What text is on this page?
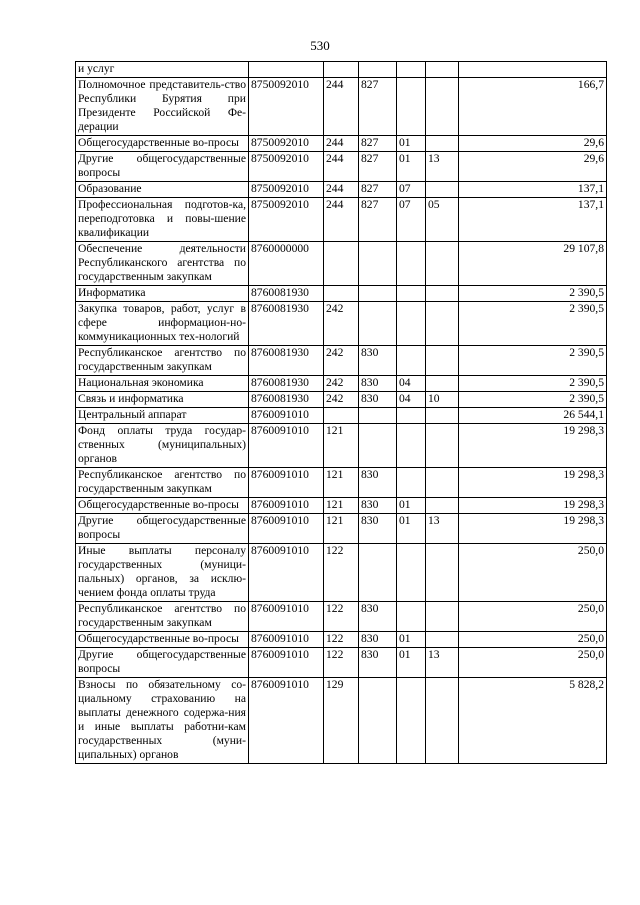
530
и услуг						
Полномочное представитель-ство Республики Бурятия при Президенте Российской Фе-дерации	8750092010	244	827			166,7
Общегосударственные во-просы	8750092010	244	827	01		29,6
Другие общегосударственные вопросы	8750092010	244	827	01	13	29,6
Образование	8750092010	244	827	07		137,1
Профессиональная подготов-ка, переподготовка и повы-шение квалификации	8750092010	244	827	07	05	137,1
Обеспечение деятельности Республиканского агентства по государственным закупкам	8760000000					29 107,8
Информатика	8760081930					2 390,5
Закупка товаров, работ, услуг в сфере информацион-но-коммуникационных тех-нологий	8760081930	242				2 390,5
Республиканское агентство по государственным закупкам	8760081930	242	830			2 390,5
Национальная экономика	8760081930	242	830	04		2 390,5
Связь и информатика	8760081930	242	830	04	10	2 390,5
Центральный аппарат	8760091010					26 544,1
Фонд оплаты труда государ-ственных (муниципальных) органов	8760091010	121				19 298,3
Республиканское агентство по государственным закупкам	8760091010	121	830			19 298,3
Общегосударственные во-просы	8760091010	121	830	01		19 298,3
Другие общегосударственные вопросы	8760091010	121	830	01	13	19 298,3
Иные выплаты персоналу государственных (муници-пальных) органов, за исклю-чением фонда оплаты труда	8760091010	122				250,0
Республиканское агентство по государственным закупкам	8760091010	122	830			250,0
Общегосударственные во-просы	8760091010	122	830	01		250,0
Другие общегосударственные вопросы	8760091010	122	830	01	13	250,0
Взносы по обязательному со-циальному страхованию на выплаты денежного содержа-ния и иные выплаты работни-кам государственных (муни-ципальных) органов	8760091010	129				5 828,2
